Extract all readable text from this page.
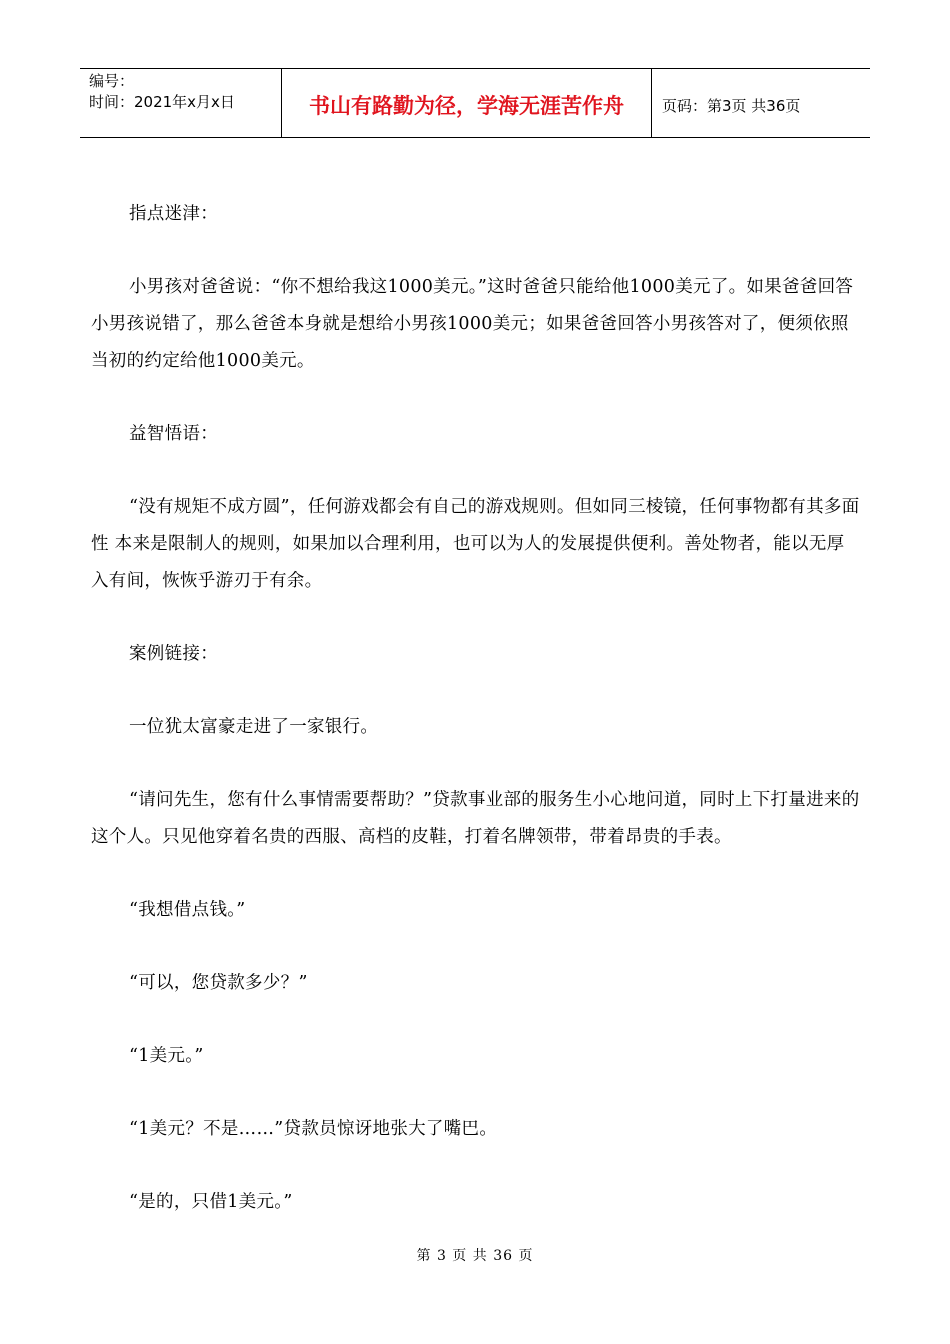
编号：
时间：2021年x月x日	书山有路勤为径，学海无涯苦作舟	页码：第3页 共36页

指点迷津：

小男孩对爸爸说：“你不想给我这1000美元。”这时爸爸只能给他1000美元了。如果爸爸回答小男孩说错了，那么爸爸本身就是想给小男孩1000美元；如果爸爸回答小男孩答对了，便须依照当初的约定给他1000美元。

益智悟语：

“没有规矩不成方圆”，任何游戏都会有自己的游戏规则。但如同三棱镜，任何事物都有其多面性 本来是限制人的规则，如果加以合理利用，也可以为人的发展提供便利。善处物者，能以无厚入有间，恢恢乎游刃于有余。

案例链接：

一位犹太富豪走进了一家银行。

“请问先生，您有什么事情需要帮助？”贷款事业部的服务生小心地问道，同时上下打量进来的这个人。只见他穿着名贵的西服、高档的皮鞋，打着名牌领带，带着昂贵的手表。

“我想借点钱。”

“可以，您贷款多少？”

“1美元。”

“1美元？不是……”贷款员惊讶地张大了嘴巴。

“是的，只借1美元。”

第 3 页 共 36 页
